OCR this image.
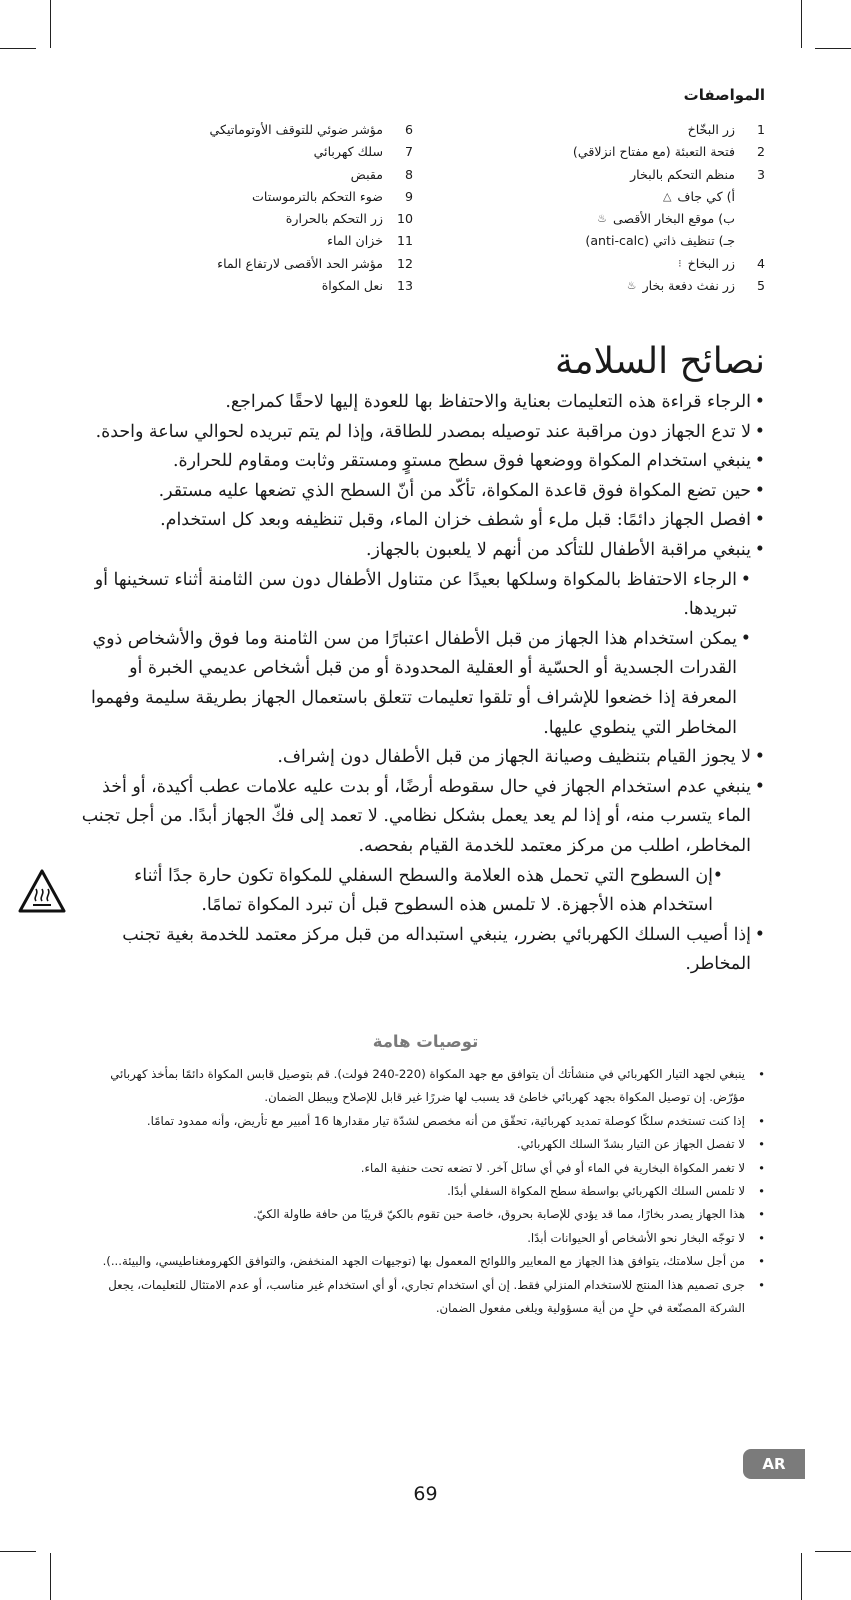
المواصفات
1
زر البخّاخ
2
فتحة التعبئة (مع مفتاح انزلاقي)
3
منظم التحكم بالبخار
أ) كي جاف
△
ب) موقع البخار الأقصى
♨
جـ) تنظيف ذاتي (anti-calc)
4
زر البخاخ
⁝
5
زر نفث دفعة بخار
♨
6
مؤشر ضوئي للتوقف الأوتوماتيكي
7
سلك كهربائي
8
مقبض
9
ضوء التحكم بالترموستات
10
زر التحكم بالحرارة
11
خزان الماء
12
مؤشر الحد الأقصى لارتفاع الماء
13
نعل المكواة
نصائح السلامة
• الرجاء قراءة هذه التعليمات بعناية والاحتفاظ بها للعودة إليها لاحقًا كمراجع.
• لا تدع الجهاز دون مراقبة عند توصيله بمصدر للطاقة، وإذا لم يتم تبريده لحوالي ساعة واحدة.
• ينبغي استخدام المكواة ووضعها فوق سطح مستوٍ ومستقر وثابت ومقاوم للحرارة.
• حين تضع المكواة فوق قاعدة المكواة، تأكّد من أنّ السطح الذي تضعها عليه مستقر.
• افصل الجهاز دائمًا: قبل ملء أو شطف خزان الماء، وقبل تنظيفه وبعد كل استخدام.
• ينبغي مراقبة الأطفال للتأكد من أنهم لا يلعبون بالجهاز.
• الرجاء الاحتفاظ بالمكواة وسلكها بعيدًا عن متناول الأطفال دون سن الثامنة أثناء تسخينها أو تبريدها.
• يمكن استخدام هذا الجهاز من قبل الأطفال اعتبارًا من سن الثامنة وما فوق والأشخاص ذوي القدرات الجسدية أو الحسّية أو العقلية المحدودة أو من قبل أشخاص عديمي الخبرة أو المعرفة إذا خضعوا للإشراف أو تلقوا تعليمات تتعلق باستعمال الجهاز بطريقة سليمة وفهموا المخاطر التي ينطوي عليها.
• لا يجوز القيام بتنظيف وصيانة الجهاز من قبل الأطفال دون إشراف.
• ينبغي عدم استخدام الجهاز في حال سقوطه أرضًا، أو بدت عليه علامات عطب أكيدة، أو أخذ الماء يتسرب منه، أو إذا لم يعد يعمل بشكل نظامي. لا تعمد إلى فكّ الجهاز أبدًا. من أجل تجنب المخاطر، اطلب من مركز معتمد للخدمة القيام بفحصه.
•
إن السطوح التي تحمل هذه العلامة والسطح السفلي للمكواة تكون حارة جدًا أثناء استخدام هذه الأجهزة. لا تلمس هذه السطوح قبل أن تبرد المكواة تمامًا.
• إذا أصيب السلك الكهربائي بضرر، ينبغي استبداله من قبل مركز معتمد للخدمة بغية تجنب المخاطر.
توصيات هامة
• ينبغي لجهد التيار الكهربائي في منشأتك أن يتوافق مع جهد المكواة (220-240 فولت). قم بتوصيل قابس المكواة دائمًا بمأخذ كهربائي مؤرّض. إن توصيل المكواة بجهد كهربائي خاطئ قد يسبب لها ضررًا غير قابل للإصلاح ويبطل الضمان.
• إذا كنت تستخدم سلكًا كوصلة تمديد كهربائية، تحقّق من أنه مخصص لشدّة تيار مقدارها 16 أمبير مع تأريض، وأنه ممدود تمامًا.
• لا تفصل الجهاز عن التيار بشدّ السلك الكهربائي.
• لا تغمر المكواة البخارية في الماء أو في أي سائل آخر. لا تضعه تحت حنفية الماء.
• لا تلمس السلك الكهربائي بواسطة سطح المكواة السفلي أبدًا.
• هذا الجهاز يصدر بخارًا، مما قد يؤدي للإصابة بحروق، خاصة حين تقوم بالكيّ قريبًا من حافة طاولة الكيّ.
• لا توجّه البخار نحو الأشخاص أو الحيوانات أبدًا.
• من أجل سلامتك، يتوافق هذا الجهاز مع المعايير واللوائح المعمول بها (توجيهات الجهد المنخفض، والتوافق الكهرومغناطيسي، والبيئة...).
• جرى تصميم هذا المنتج للاستخدام المنزلي فقط. إن أي استخدام تجاري، أو أي استخدام غير مناسب، أو عدم الامتثال للتعليمات، يجعل الشركة المصنّعة في حلٍ من أية مسؤولية ويلغى مفعول الضمان.
AR
69
